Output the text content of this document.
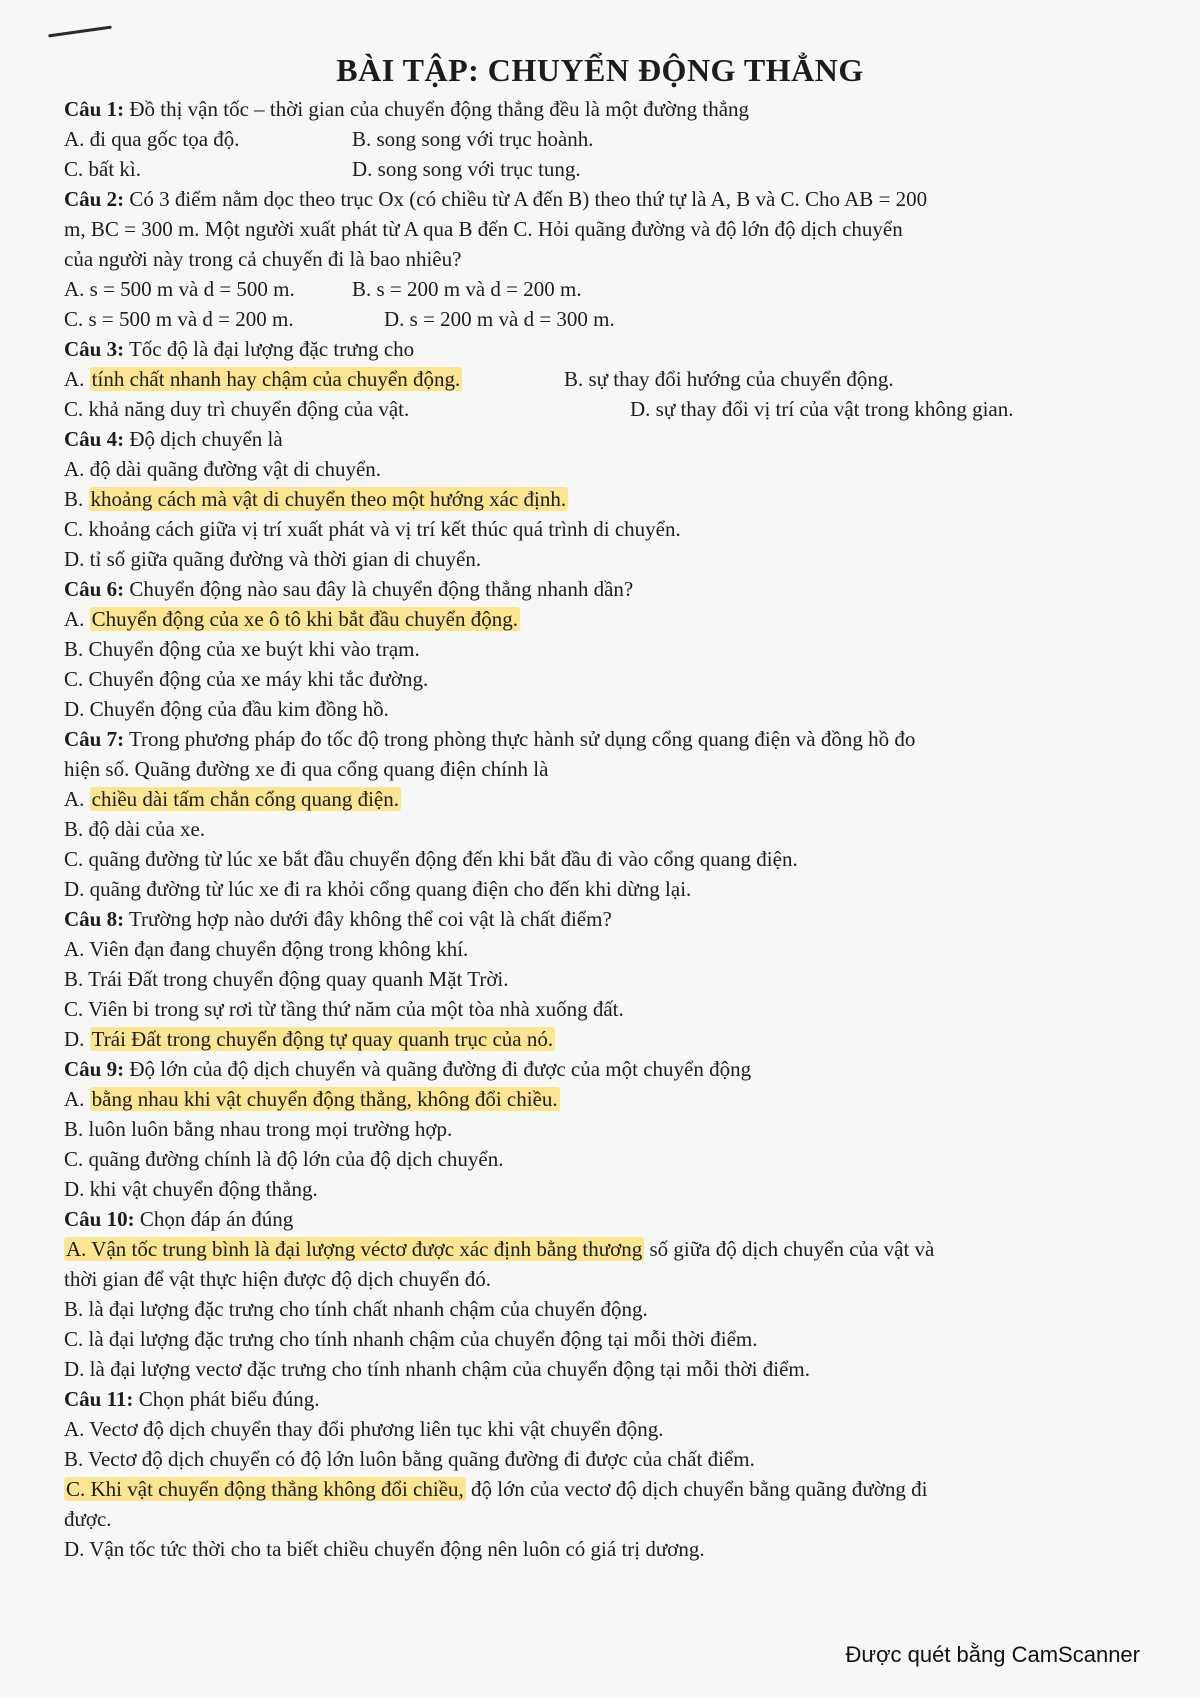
BÀI TẬP: CHUYỂN ĐỘNG THẲNG
Câu 1: Đồ thị vận tốc – thời gian của chuyển động thẳng đều là một đường thẳng
A. đi qua gốc tọa độ.	B. song song với trục hoành.
C. bất kì.	D. song song với trục tung.
Câu 2: Có 3 điểm nằm dọc theo trục Ox (có chiều từ A đến B) theo thứ tự là A, B và C. Cho AB = 200
m, BC = 300 m. Một người xuất phát từ A qua B đến C. Hỏi quãng đường và độ lớn độ dịch chuyển
của người này trong cả chuyến đi là bao nhiêu?
A. s = 500 m và d = 500 m.	B. s = 200 m và d = 200 m.
C. s = 500 m và d = 200 m.	D. s = 200 m và d = 300 m.
Câu 3: Tốc độ là đại lượng đặc trưng cho
A. tính chất nhanh hay chậm của chuyển động.	B. sự thay đổi hướng của chuyển động.
C. khả năng duy trì chuyển động của vật.	D. sự thay đổi vị trí của vật trong không gian.
Câu 4: Độ dịch chuyển là
A. độ dài quãng đường vật di chuyển.
B. khoảng cách mà vật di chuyển theo một hướng xác định.
C. khoảng cách giữa vị trí xuất phát và vị trí kết thúc quá trình di chuyển.
D. tỉ số giữa quãng đường và thời gian di chuyển.
Câu 6: Chuyển động nào sau đây là chuyển động thẳng nhanh dần?
A. Chuyển động của xe ô tô khi bắt đầu chuyển động.
B. Chuyển động của xe buýt khi vào trạm.
C. Chuyển động của xe máy khi tắc đường.
D. Chuyển động của đầu kim đồng hồ.
Câu 7: Trong phương pháp đo tốc độ trong phòng thực hành sử dụng cổng quang điện và đồng hồ đo
hiện số. Quãng đường xe đi qua cổng quang điện chính là
A. chiều dài tấm chắn cổng quang điện.
B. độ dài của xe.
C. quãng đường từ lúc xe bắt đầu chuyển động đến khi bắt đầu đi vào cổng quang điện.
D. quãng đường từ lúc xe đi ra khỏi cổng quang điện cho đến khi dừng lại.
Câu 8: Trường hợp nào dưới đây không thể coi vật là chất điểm?
A. Viên đạn đang chuyển động trong không khí.
B. Trái Đất trong chuyển động quay quanh Mặt Trời.
C. Viên bi trong sự rơi từ tầng thứ năm của một tòa nhà xuống đất.
D. Trái Đất trong chuyển động tự quay quanh trục của nó.
Câu 9: Độ lớn của độ dịch chuyển và quãng đường đi được của một chuyển động
A. bằng nhau khi vật chuyển động thẳng, không đổi chiều.
B. luôn luôn bằng nhau trong mọi trường hợp.
C. quãng đường chính là độ lớn của độ dịch chuyển.
D. khi vật chuyển động thẳng.
Câu 10: Chọn đáp án đúng
A. Vận tốc trung bình là đại lượng véctơ được xác định bằng thương số giữa độ dịch chuyển của vật và
thời gian để vật thực hiện được độ dịch chuyển đó.
B. là đại lượng đặc trưng cho tính chất nhanh chậm của chuyển động.
C. là đại lượng đặc trưng cho tính nhanh chậm của chuyển động tại mỗi thời điểm.
D. là đại lượng vectơ đặc trưng cho tính nhanh chậm của chuyển động tại mỗi thời điểm.
Câu 11: Chọn phát biểu đúng.
A. Vectơ độ dịch chuyển thay đổi phương liên tục khi vật chuyển động.
B. Vectơ độ dịch chuyển có độ lớn luôn bằng quãng đường đi được của chất điểm.
C. Khi vật chuyển động thẳng không đổi chiều, độ lớn của vectơ độ dịch chuyển bằng quãng đường đi
được.
D. Vận tốc tức thời cho ta biết chiều chuyển động nên luôn có giá trị dương.
Được quét bằng CamScanner
